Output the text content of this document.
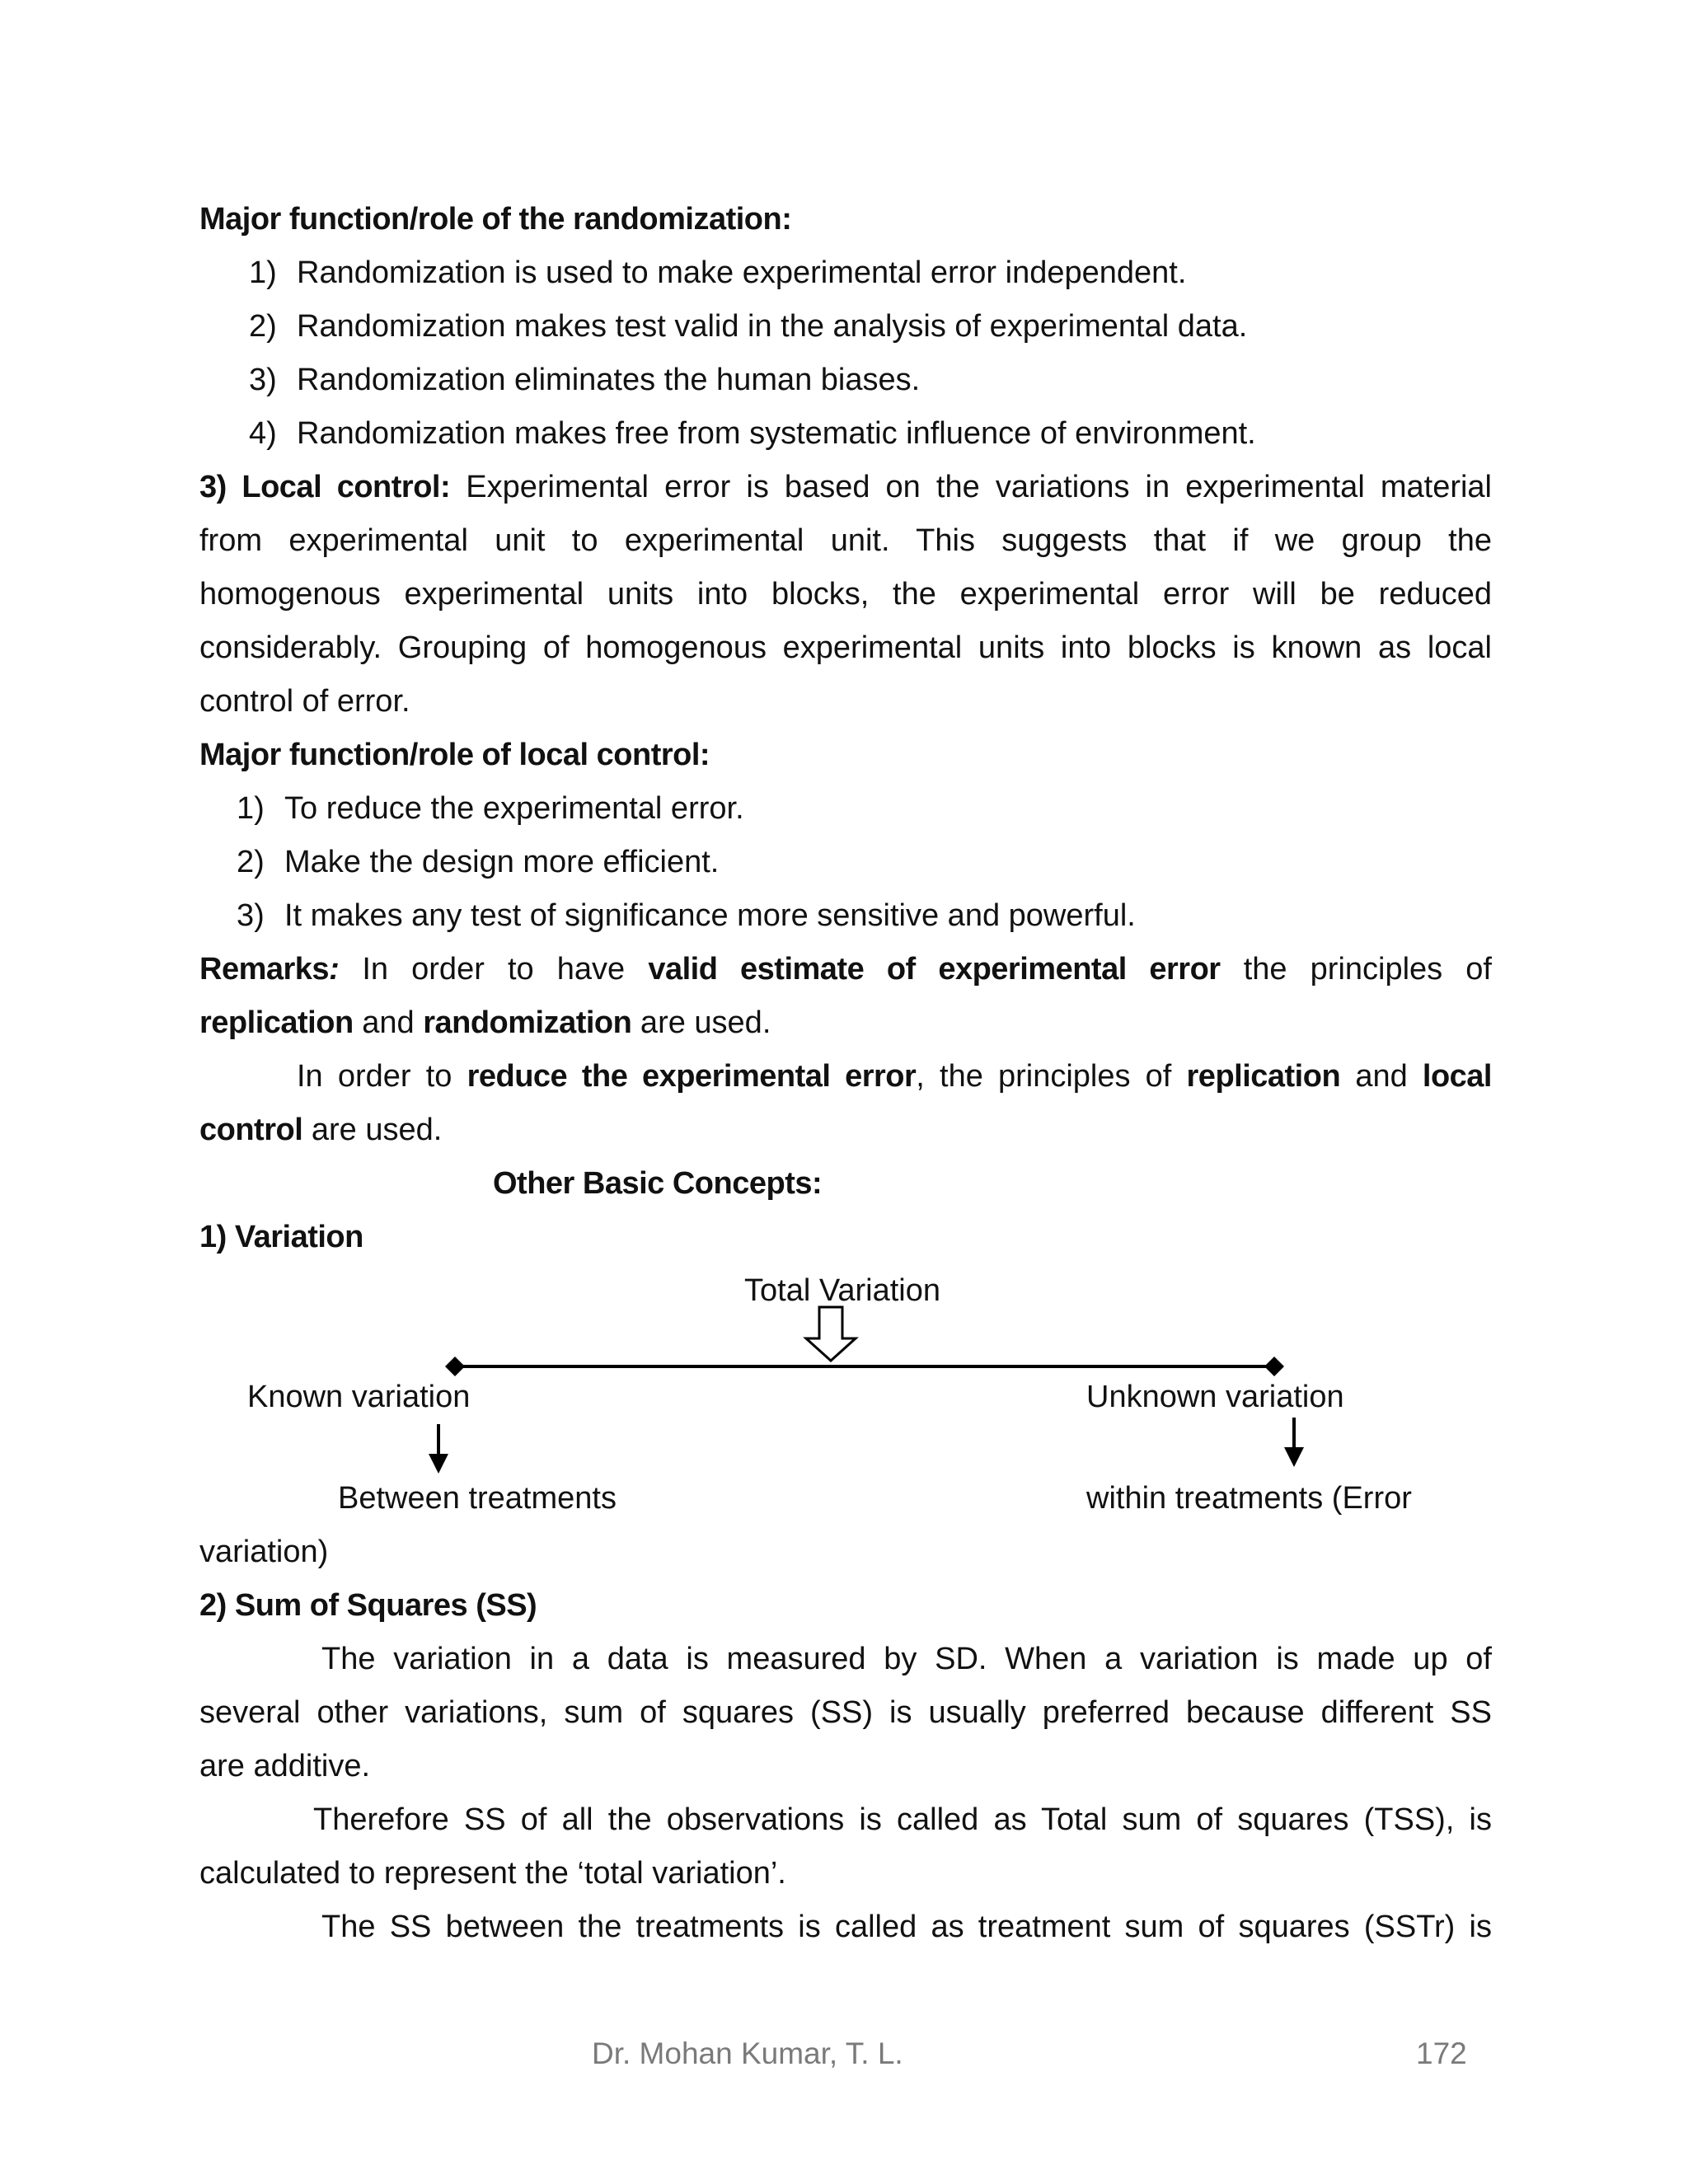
Major function/role of the randomization:
1) Randomization is used to make experimental error independent.
2) Randomization makes test valid in the analysis of experimental data.
3) Randomization eliminates the human biases.
4) Randomization makes free from systematic influence of environment.
3) Local control: Experimental error is based on the variations in experimental material
from experimental unit to experimental unit. This suggests that if we group the
homogenous experimental units into blocks, the experimental error will be reduced
considerably. Grouping of homogenous experimental units into blocks is known as local
control of error.
Major function/role of local control:
1) To reduce the experimental error.
2) Make the design more efficient.
3) It makes any test of significance more sensitive and powerful.
Remarks: In order to have valid estimate of experimental error the principles of
replication and randomization are used.
In order to reduce the experimental error, the principles of replication and local
control are used.
Other Basic Concepts:
1) Variation
Total Variation
Known variation	Unknown variation
Between treatments	within treatments (Error
variation)
2) Sum of Squares (SS)
The variation in a data is measured by SD. When a variation is made up of
several other variations, sum of squares (SS) is usually preferred because different SS
are additive.
Therefore SS of all the observations is called as Total sum of squares (TSS), is
calculated to represent the ‘total variation’.
The SS between the treatments is called as treatment sum of squares (SSTr) is
Dr. Mohan Kumar, T. L.	172
